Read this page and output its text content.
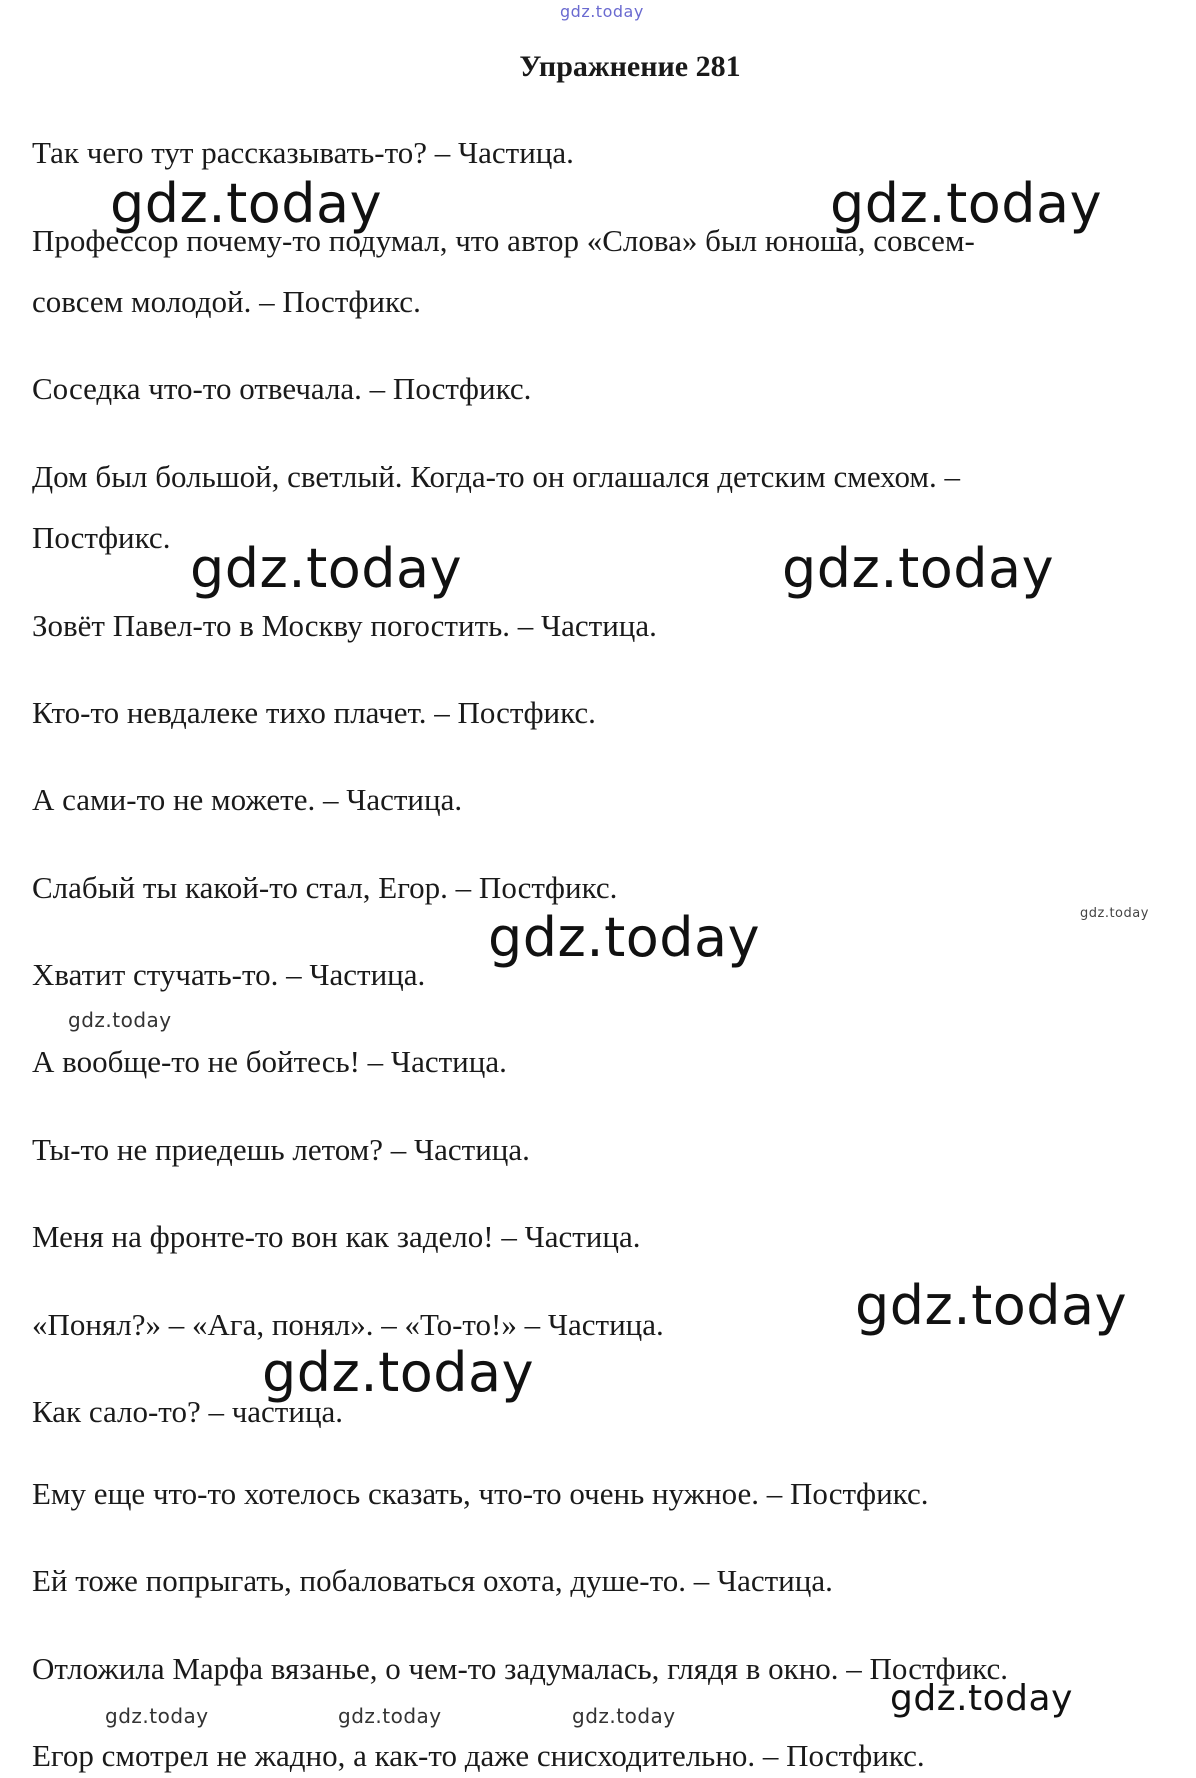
gdz.today
Упражнение 281
Так чего тут рассказывать-то? – Частица.
Профессор почему-то подумал, что автор «Слова» был юноша, совсем-
совсем молодой. – Постфикс.
Соседка что-то отвечала. – Постфикс.
Дом был большой, светлый. Когда-то он оглашался детским смехом. –
Постфикс.
Зовёт Павел-то в Москву погостить. – Частица.
Кто-то невдалеке тихо плачет. – Постфикс.
А сами-то не можете. – Частица.
Слабый ты какой-то стал, Егор. – Постфикс.
Хватит стучать-то. – Частица.
А вообще-то не бойтесь! – Частица.
Ты-то не приедешь летом? – Частица.
Меня на фронте-то вон как задело! – Частица.
«Понял?» – «Ага, понял». – «То-то!» – Частица.
Как сало-то? – частица.
Ему еще что-то хотелось сказать, что-то очень нужное. – Постфикс.
Ей тоже попрыгать, побаловаться охота, душе-то. – Частица.
Отложила Марфа вязанье, о чем-то задумалась, глядя в окно. – Постфикс.
Егор смотрел не жадно, а как-то даже снисходительно. – Постфикс.
gdz.today	gdz.today
gdz.today	gdz.today
gdz.today
gdz.today
gdz.today
gdz.today
gdz.today
gdz.today	gdz.today	gdz.today	gdz.today
